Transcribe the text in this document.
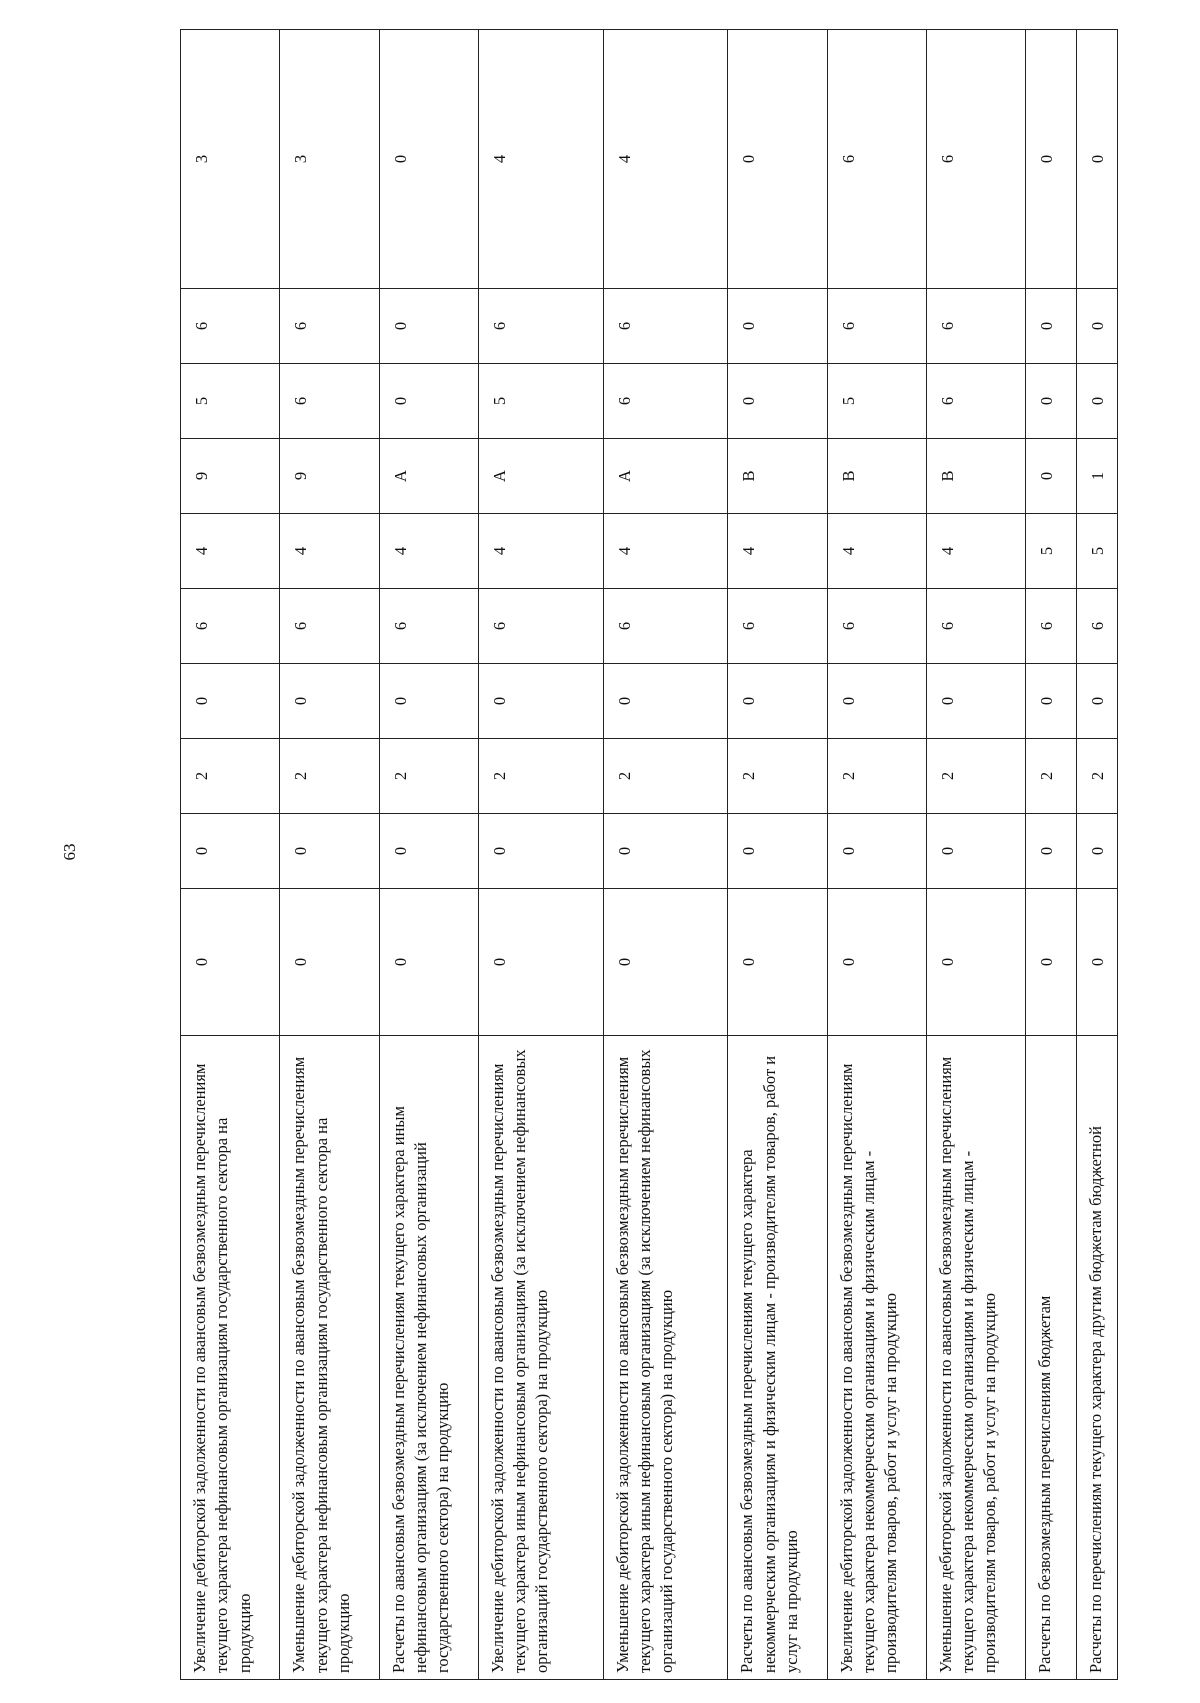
63
Увеличение дебиторской задолженности по авансовым безвозмездным перечислениям текущего характера нефинансовым организациям государственного сектора на продукцию	0	0	2	0	6	4	9	5	6	3
Уменьшение дебиторской задолженности по авансовым безвозмездным перечислениям текущего характера нефинансовым организациям государственного сектора на продукцию	0	0	2	0	6	4	9	6	6	3
Расчеты по авансовым безвозмездным перечислениям текущего характера иным нефинансовым организациям (за исключением нефинансовых организаций государственного сектора) на продукцию	0	0	2	0	6	4	А	0	0	0
Увеличение дебиторской задолженности по авансовым безвозмездным перечислениям текущего характера иным нефинансовым организациям (за исключением нефинансовых организаций государственного сектора) на продукцию	0	0	2	0	6	4	А	5	6	4
Уменьшение дебиторской задолженности по авансовым безвозмездным перечислениям текущего характера иным нефинансовым организациям (за исключением нефинансовых организаций государственного сектора) на продукцию	0	0	2	0	6	4	А	6	6	4
Расчеты по авансовым безвозмездным перечислениям текущего характера некоммерческим организациям и физическим лицам - производителям товаров, работ и услуг на продукцию	0	0	2	0	6	4	В	0	0	0
Увеличение дебиторской задолженности по авансовым безвозмездным перечислениям текущего характера некоммерческим организациям и физическим лицам - производителям товаров, работ и услуг на продукцию	0	0	2	0	6	4	В	5	6	6
Уменьшение дебиторской задолженности по авансовым безвозмездным перечислениям текущего характера некоммерческим организациям и физическим лицам - производителям товаров, работ и услуг на продукцию	0	0	2	0	6	4	В	6	6	6
Расчеты по безвозмездным перечислениям бюджетам	0	0	2	0	6	5	0	0	0	0
Расчеты по перечислениям текущего характера другим бюджетам бюджетной	0	0	2	0	6	5	1	0	0	0
